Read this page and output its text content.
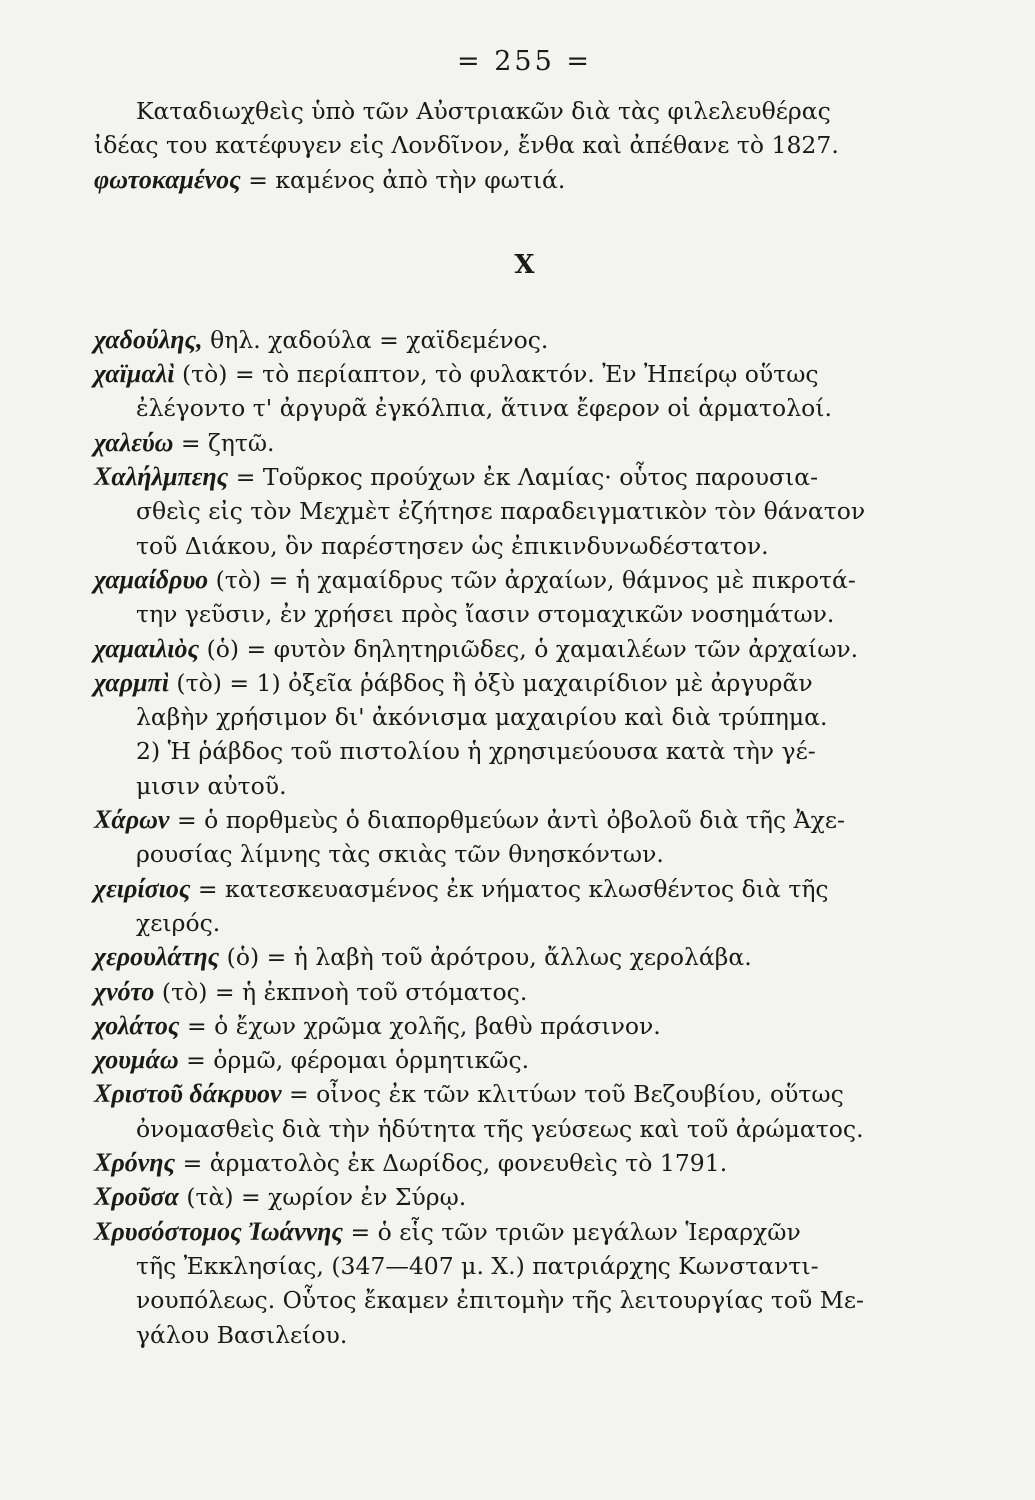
= 255 =
Καταδιωχθεὶς ὑπὸ τῶν Αὐστριακῶν διὰ τὰς φιλελευθέρας
ἰδέας του κατέφυγεν εἰς Λονδῖνον, ἔνθα καὶ ἀπέθανε τὸ 1827.
φωτοκαμένος = καμένος ἀπὸ τὴν φωτιά.
Χ
χαδούλης, θηλ. χαδούλα = χαϊδεμένος.
χαϊμαλὶ (τὸ) = τὸ περίαπτον, τὸ φυλακτόν. Ἐν Ἠπείρῳ οὕτως
ἐλέγοντο τ' ἀργυρᾶ ἐγκόλπια, ἅτινα ἔφερον οἱ ἁρματολοί.
χαλεύω = ζητῶ.
Χαλήλμπεης = Τοῦρκος προύχων ἐκ Λαμίας· οὗτος παρουσια-
σθεὶς εἰς τὸν Μεχμὲτ ἐζήτησε παραδειγματικὸν τὸν θάνατον
τοῦ Διάκου, ὃν παρέστησεν ὡς ἐπικινδυνωδέστατον.
χαμαίδρυο (τὸ) = ἡ χαμαίδρυς τῶν ἀρχαίων, θάμνος μὲ πικροτά-
την γεῦσιν, ἐν χρήσει πρὸς ἴασιν στομαχικῶν νοσημάτων.
χαμαιλιὸς (ὁ) = φυτὸν δηλητηριῶδες, ὁ χαμαιλέων τῶν ἀρχαίων.
χαρμπὶ (τὸ) = 1) ὀξεῖα ῥάβδος ἢ ὀξὺ μαχαιρίδιον μὲ ἀργυρᾶν
λαβὴν χρήσιμον δι' ἀκόνισμα μαχαιρίου καὶ διὰ τρύπημα.
2) Ἡ ῥάβδος τοῦ πιστολίου ἡ χρησιμεύουσα κατὰ τὴν γέ-
μισιν αὐτοῦ.
Χάρων = ὁ πορθμεὺς ὁ διαπορθμεύων ἀντὶ ὀβολοῦ διὰ τῆς Ἀχε-
ρουσίας λίμνης τὰς σκιὰς τῶν θνησκόντων.
χειρίσιος = κατεσκευασμένος ἐκ νήματος κλωσθέντος διὰ τῆς
χειρός.
χερουλάτης (ὁ) = ἡ λαβὴ τοῦ ἀρότρου, ἄλλως χερολάβα.
χνότο (τὸ) = ἡ ἐκπνοὴ τοῦ στόματος.
χολάτος = ὁ ἔχων χρῶμα χολῆς, βαθὺ πράσινον.
χουμάω = ὁρμῶ, φέρομαι ὁρμητικῶς.
Χριστοῦ δάκρυον = οἶνος ἐκ τῶν κλιτύων τοῦ Βεζουβίου, οὕτως
ὀνομασθεὶς διὰ τὴν ἡδύτητα τῆς γεύσεως καὶ τοῦ ἀρώματος.
Χρόνης = ἁρματολὸς ἐκ Δωρίδος, φονευθεὶς τὸ 1791.
Χροῦσα (τὰ) = χωρίον ἐν Σύρῳ.
Χρυσόστομος Ἰωάννης = ὁ εἷς τῶν τριῶν μεγάλων Ἱεραρχῶν
τῆς Ἐκκλησίας, (347—407 μ. Χ.) πατριάρχης Κωνσταντι-
νουπόλεως. Οὗτος ἔκαμεν ἐπιτομὴν τῆς λειτουργίας τοῦ Με-
γάλου Βασιλείου.
